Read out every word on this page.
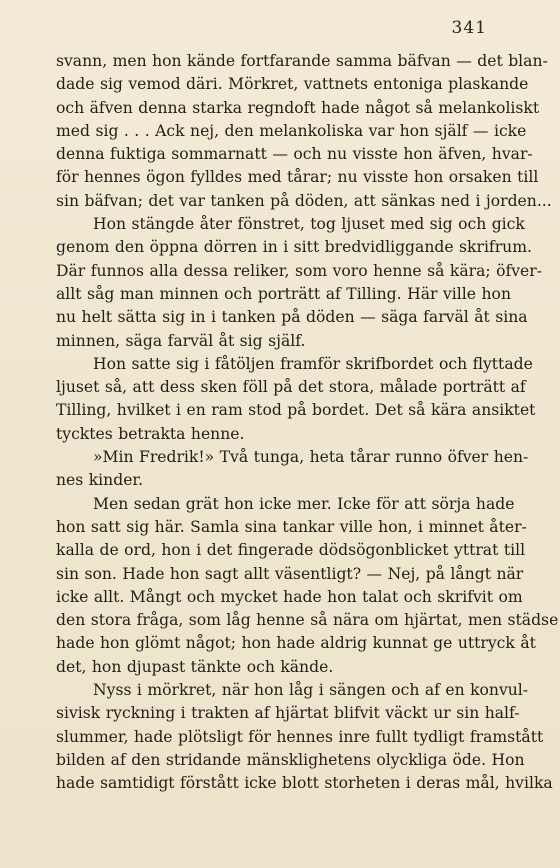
341
svann, men hon kände fortfarande samma bäfvan — det blan-
dade sig vemod däri. Mörkret, vattnets entoniga plaskande
och äfven denna starka regndoft hade något så melankoliskt
med sig . . . Ack nej, den melankoliska var hon själf — icke
denna fuktiga sommarnatt — och nu visste hon äfven, hvar-
för hennes ögon fylldes med tårar; nu visste hon orsaken till
sin bäfvan; det var tanken på döden, att sänkas ned i jorden...
Hon stängde åter fönstret, tog ljuset med sig och gick
genom den öppna dörren in i sitt bredvidliggande skrifrum.
Där funnos alla dessa reliker, som voro henne så kära; öfver-
allt såg man minnen och porträtt af Tilling. Här ville hon
nu helt sätta sig in i tanken på döden — säga farväl åt sina
minnen, säga farväl åt sig själf.
Hon satte sig i fåtöljen framför skrifbordet och flyttade
ljuset så, att dess sken föll på det stora, målade porträtt af
Tilling, hvilket i en ram stod på bordet. Det så kära ansiktet
tycktes betrakta henne.
»Min Fredrik!» Två tunga, heta tårar runno öfver hen-
nes kinder.
Men sedan grät hon icke mer. Icke för att sörja hade
hon satt sig här. Samla sina tankar ville hon, i minnet åter-
kalla de ord, hon i det fingerade dödsögonblicket yttrat till
sin son. Hade hon sagt allt väsentligt? — Nej, på långt när
icke allt. Mångt och mycket hade hon talat och skrifvit om
den stora fråga, som låg henne så nära om hjärtat, men städse
hade hon glömt något; hon hade aldrig kunnat ge uttryck åt
det, hon djupast tänkte och kände.
Nyss i mörkret, när hon låg i sängen och af en konvul-
sivisk ryckning i trakten af hjärtat blifvit väckt ur sin half-
slummer, hade plötsligt för hennes inre fullt tydligt framstått
bilden af den stridande mänsklighetens olyckliga öde. Hon
hade samtidigt förstått icke blott storheten i deras mål, hvilka
